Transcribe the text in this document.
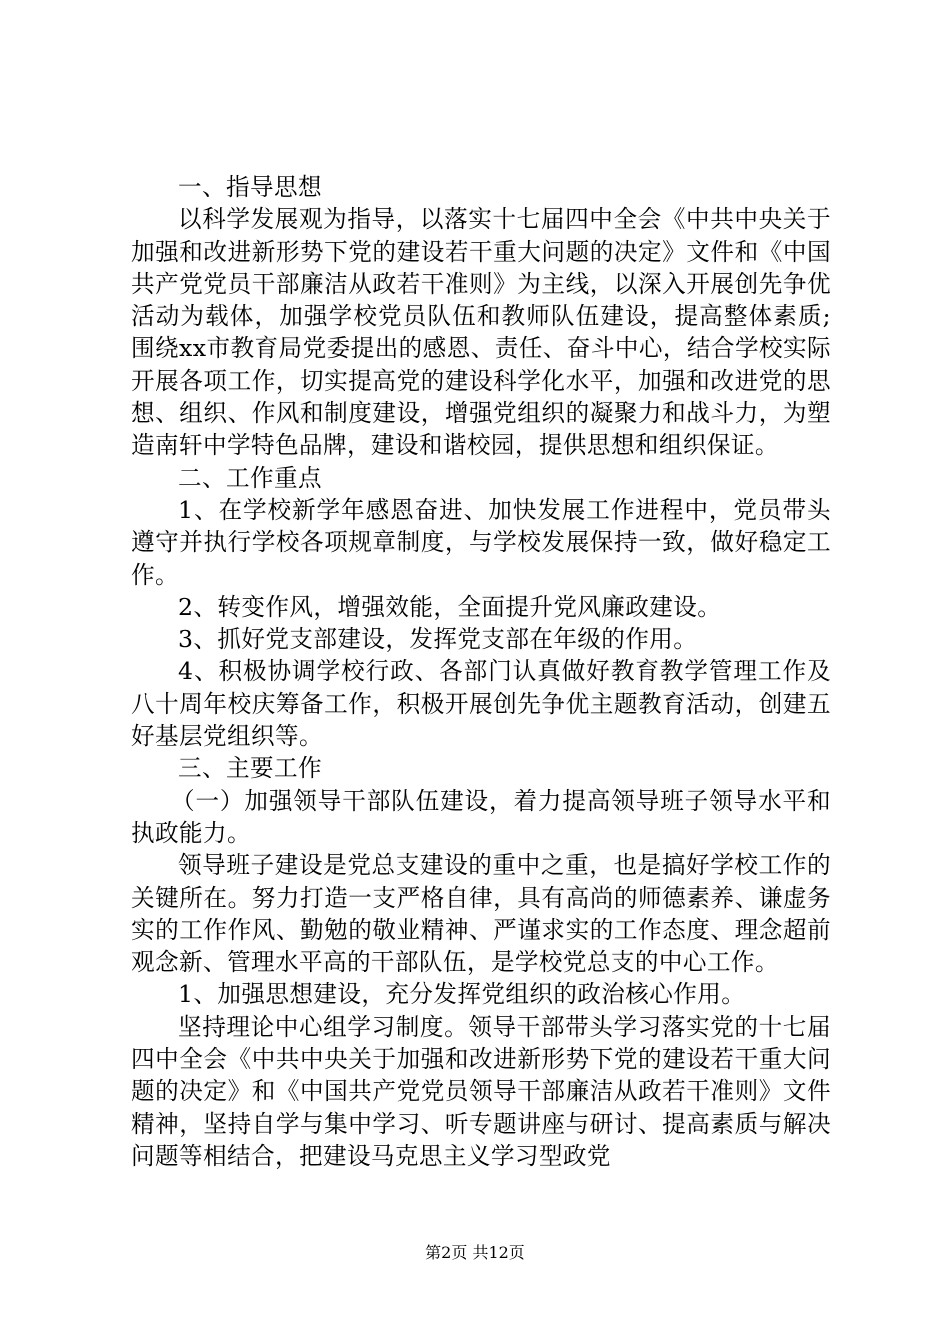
一、指导思想

以科学发展观为指导，以落实十七届四中全会《中共中央关于加强和改进新形势下党的建设若干重大问题的决定》文件和《中国共产党党员干部廉洁从政若干准则》为主线，以深入开展创先争优活动为载体，加强学校党员队伍和教师队伍建设，提高整体素质;围绕xx市教育局党委提出的感恩、责任、奋斗中心，结合学校实际开展各项工作，切实提高党的建设科学化水平，加强和改进党的思想、组织、作风和制度建设，增强党组织的凝聚力和战斗力，为塑造南轩中学特色品牌，建设和谐校园，提供思想和组织保证。

二、工作重点

1、在学校新学年感恩奋进、加快发展工作进程中，党员带头遵守并执行学校各项规章制度，与学校发展保持一致，做好稳定工作。

2、转变作风，增强效能，全面提升党风廉政建设。

3、抓好党支部建设，发挥党支部在年级的作用。

4、积极协调学校行政、各部门认真做好教育教学管理工作及八十周年校庆筹备工作，积极开展创先争优主题教育活动，创建五好基层党组织等。

三、主要工作

（一）加强领导干部队伍建设，着力提高领导班子领导水平和执政能力。

领导班子建设是党总支建设的重中之重，也是搞好学校工作的关键所在。努力打造一支严格自律，具有高尚的师德素养、谦虚务实的工作作风、勤勉的敬业精神、严谨求实的工作态度、理念超前观念新、管理水平高的干部队伍，是学校党总支的中心工作。

1、加强思想建设，充分发挥党组织的政治核心作用。

坚持理论中心组学习制度。领导干部带头学习落实党的十七届四中全会《中共中央关于加强和改进新形势下党的建设若干重大问题的决定》和《中国共产党党员领导干部廉洁从政若干准则》文件精神，坚持自学与集中学习、听专题讲座与研讨、提高素质与解决问题等相结合，把建设马克思主义学习型政党

第2页 共12页
